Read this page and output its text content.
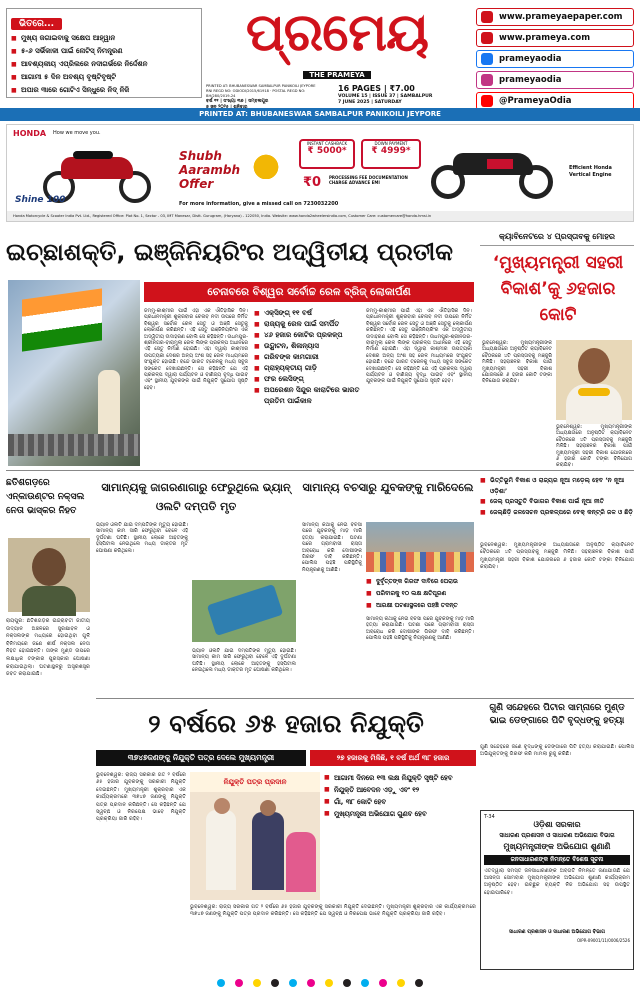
ଭିତରେ...
■ ମୁଖ୍ୟ ଜଗାଇବାକୁ ସକ୍ଷେପ ଆହ୍ୱାନ
■ ୫-୬ ସର୍ଭିକାଳୀ ପାଇଁ ନୋଟିସ୍ ନିମନ୍ତ୍ରଣ
■ ଆବଶ୍ୟକୀୟ ଏପ୍ରିଲରେ ନଦୀଗର୍ଭରେ ନିର୍ଦ୍ଦେଶନ
■ ଆଗାମୀ ୫ ଦିନ ଅବଶ୍ୟ ବୃଷ୍ଟିବୃଷ୍ଟି
■ ଅପାର ୩ାରେ ଗୋଟିଏ ସିନ୍ଧୁରେ ନିଦ୍ ନିଜି
ପ୍ରମେୟ
THE PRAMEYA
PRINTED AT: BHUBANESWAR SAMBALPUR PANIKOILI JEYPORE
RNI REGD NO: ODIODI/2015/61918 · POSTAL REGD NO: BH/280/2019-24
ବର୍ଷ ୧୧ | ସଂଖ୍ୟା ୩୭ | ସମ୍ବଲପୁର
16 PAGES | ₹7.00
VOLUME 15 | ISSUE 37 | SAMBALPUR
7 JUNE 2025 | SATURDAY
www.prameyaepaper.com
www.prameya.com
prameyaodia
prameyaodia
@PrameyaOdia
PRINTED AT: BHUBANESWAR SAMBALPUR PANIKOILI JEYPORE
HONDA How we move you.
Shine 100
Shubh Aarambh Offer
INSTANT CASHBACK
₹ 5000*
DOWN PAYMENT
₹ 4999*
₹0 PROCESSING FEE DOCUMENTATION CHARGE ADVANCE EMI
Efficient Honda Vertical Engine
For more information, give a missed call on 7230032200
Honda Motorcycle & Scooter India Pvt. Ltd., Registered Office: Plot No. 1, Sector - 03, IMT Manesar, Distt. Gurugram, (Haryana) - 122050, India. Website: www.honda2wheelersindia.com, Customer Care: customercare@honda.hmsi.in
ଇଚ୍ଛାଶକ୍ତି, ଇଞ୍ଜିନିୟରିଂର ଅଦ୍ୱିତୀୟ ପ୍ରତୀକ
ଚେନାବରେ ବିଶ୍ୱର ସର୍ବୋଚ୍ଚ ରେଳ ବ୍ରିଜ୍ ଲୋକାର୍ପଣ
ଜମ୍ମୁ-କାଶ୍ମୀର ପାଇଁ ଏହା ଏକ ଐତିହାସିକ ଦିନ। ପ୍ରଧାନମନ୍ତ୍ରୀ ଶୁକ୍ରବାର ଚେନାବ ନଦୀ ଉପରେ ନିର୍ମିତ ବିଶ୍ୱର ସର୍ବୋଚ୍ଚ ରେଳ ସେତୁ ଓ ଅଞ୍ଜି ସେତୁକୁ ଲୋକାର୍ପଣ କରିଛନ୍ତି। ଏହି ସେତୁ ଇଞ୍ଜିନିୟରିଂର ଏକ ଅଦ୍ୱିତୀୟ ଉଦାହରଣ ବୋଲି ସେ କହିଛନ୍ତି। ଉଧମପୁର-ଶ୍ରୀନଗର-ବାରାମୁଲା ରେଳ ଲିଙ୍କ ପ୍ରକଳ୍ପ ଅଧୀନରେ ଏହି ସେତୁ ନିର୍ମାଣ ହୋଇଛି। ଏହା ଦ୍ୱାରା କାଶ୍ମୀର ଉପତ୍ୟକା ଦେଶର ଅନ୍ୟ ଅଂଶ ସହ ରେଳ ମାଧ୍ୟମରେ ସଂଯୁକ୍ତ ହୋଇଛି। ବନ୍ଦେ ଭାରତ ଟ୍ରେନକୁ ମଧ୍ୟ ସବୁଜ ସଙ୍କେତ ଦେଖାଇଛନ୍ତି। ସେ କହିଛନ୍ତି ଯେ ଏହି ପ୍ରକଳ୍ପ ଦ୍ୱାରା ପର୍ଯ୍ୟଟନ ଓ ବାଣିଜ୍ୟ ବୃଦ୍ଧି ପାଇବ ଏବଂ ସ୍ଥାନୀୟ ଯୁବକଙ୍କ ପାଇଁ ନିଯୁକ୍ତି ସୁଯୋଗ ସୃଷ୍ଟି ହେବ।
■ ଏକ୍ସିଙ୍ଗ୍ ୧୧ ବର୍ଷ
■ ରାଜ୍ୟକୁ ରେଳ ପାଇଁ ସମର୍ପିତ
■ ୪୬ ହଜାର କୋଟିର ପ୍ରକଳ୍ପ
■ ଉଦ୍ଘାଟନ, ଶିଳାନ୍ୟାସ
■ ଗରିବଙ୍କ କାମଗାରୀ
■ ଗ୍ରାହ୍ୟକ୍ତୀୟ ଗାଡ଼ି
■ ଫର ଲେସିଙ୍ଗ୍
■ ଅପରେଶନ ସିନ୍ଦୁର କାରାଟିରେ ଭାରତ ପ୍ରତିମ ପାଇଁକାଳ
ଜମ୍ମୁ-କାଶ୍ମୀର ପାଇଁ ଏହା ଏକ ଐତିହାସିକ ଦିନ। ପ୍ରଧାନମନ୍ତ୍ରୀ ଶୁକ୍ରବାର ଚେନାବ ନଦୀ ଉପରେ ନିର୍ମିତ ବିଶ୍ୱର ସର୍ବୋଚ୍ଚ ରେଳ ସେତୁ ଓ ଅଞ୍ଜି ସେତୁକୁ ଲୋକାର୍ପଣ କରିଛନ୍ତି। ଏହି ସେତୁ ଇଞ୍ଜିନିୟରିଂର ଏକ ଅଦ୍ୱିତୀୟ ଉଦାହରଣ ବୋଲି ସେ କହିଛନ୍ତି। ଉଧମପୁର-ଶ୍ରୀନଗର-ବାରାମୁଲା ରେଳ ଲିଙ୍କ ପ୍ରକଳ୍ପ ଅଧୀନରେ ଏହି ସେତୁ ନିର୍ମାଣ ହୋଇଛି। ଏହା ଦ୍ୱାରା କାଶ୍ମୀର ଉପତ୍ୟକା ଦେଶର ଅନ୍ୟ ଅଂଶ ସହ ରେଳ ମାଧ୍ୟମରେ ସଂଯୁକ୍ତ ହୋଇଛି। ବନ୍ଦେ ଭାରତ ଟ୍ରେନକୁ ମଧ୍ୟ ସବୁଜ ସଙ୍କେତ ଦେଖାଇଛନ୍ତି। ସେ କହିଛନ୍ତି ଯେ ଏହି ପ୍ରକଳ୍ପ ଦ୍ୱାରା ପର୍ଯ୍ୟଟନ ଓ ବାଣିଜ୍ୟ ବୃଦ୍ଧି ପାଇବ ଏବଂ ସ୍ଥାନୀୟ ଯୁବକଙ୍କ ପାଇଁ ନିଯୁକ୍ତି ସୁଯୋଗ ସୃଷ୍ଟି ହେବ।
କ୍ୟାବିନେଟରେ ୪ ପ୍ରସ୍ତାବକୁ ମୋହର
‘ମୁଖ୍ୟମନ୍ତ୍ରୀ ସହରୀ ବିକାଶ’କୁ ୬ହଜାର କୋଟି
ଭୁବନେଶ୍ୱର: ମୁଖ୍ୟମନ୍ତ୍ରୀଙ୍କ ଅଧ୍ୟକ୍ଷତାରେ ଅନୁଷ୍ଠିତ କ୍ୟାବିନେଟ ବୈଠକରେ ୪ଟି ପ୍ରସ୍ତାବକୁ ମଞ୍ଜୁରି ମିଳିଛି। ସହରାଞ୍ଚଳର ବିକାଶ ପାଇଁ ମୁଖ୍ୟମନ୍ତ୍ରୀ ସହରୀ ବିକାଶ ଯୋଜନାରେ ୬ ହଜାର କୋଟି ଟଙ୍କା ବିନିଯୋଗ କରାଯିବ।
ଭୁବନେଶ୍ୱର: ମୁଖ୍ୟମନ୍ତ୍ରୀଙ୍କ ଅଧ୍ୟକ୍ଷତାରେ ଅନୁଷ୍ଠିତ କ୍ୟାବିନେଟ ବୈଠକରେ ୪ଟି ପ୍ରସ୍ତାବକୁ ମଞ୍ଜୁରି ମିଳିଛି। ସହରାଞ୍ଚଳର ବିକାଶ ପାଇଁ ମୁଖ୍ୟମନ୍ତ୍ରୀ ସହରୀ ବିକାଶ ଯୋଜନାରେ ୬ ହଜାର କୋଟି ଟଙ୍କା ବିନିଯୋଗ କରାଯିବ।
ଛତିଶଗଡ଼ରେ ଏନ୍‌କାଉଣ୍ଟର ନକ୍ସଲ ନେତା ଭାସ୍କର ନିହତ
ରାୟପୁର: ଛତିଶଗଡ଼ର ଇନ୍ଦ୍ରାବତୀ ଜାତୀୟ ଉଦ୍ୟାନ ଅଞ୍ଚଳରେ ସୁରକ୍ଷାବଳ ଓ ନକ୍ସଲଙ୍କ ମଧ୍ୟରେ ହୋଇଥିବା ଗୁଳି ବିନିମୟରେ ଜଣେ ଶୀର୍ଷ ନକ୍ସଲ ନେତା ନିହତ ହୋଇଛନ୍ତି। ତାଙ୍କ ମୁଣ୍ଡ ଉପରେ ଲକ୍ଷାଧିକ ଟଙ୍କାର ପୁରସ୍କାର ଘୋଷଣା କରାଯାଇଥିଲା। ଘଟଣାସ୍ଥଳରୁ ଅସ୍ତ୍ରଶସ୍ତ୍ର ଜବତ କରାଯାଇଛି।
ସାମାନ୍ୟକୁ ଜାଗରଣାଗାରୁ ଫେରୁଥିଲେ ଭ୍ୟାନ୍ ଓଲଟି ଦମ୍ପତି ମୃତ
ଭ୍ୟାନ ଓଲଟି ଯାଇ ଦମ୍ପତିଙ୍କ ମୃତ୍ୟୁ ହୋଇଛି। ସାମାନ୍ୟ କାମ ସାରି ଫେରୁଥିବା ବେଳେ ଏହି ଦୁର୍ଘଟଣା ଘଟିଛି। ସ୍ଥାନୀୟ ଲୋକେ ଆହତଙ୍କୁ ହସ୍ପିଟାଲ ନେଇଥିଲେ ମଧ୍ୟ ଡାକ୍ତର ମୃତ ଘୋଷଣା କରିଥିଲେ।
ଭ୍ୟାନ ଓଲଟି ଯାଇ ଦମ୍ପତିଙ୍କ ମୃତ୍ୟୁ ହୋଇଛି। ସାମାନ୍ୟ କାମ ସାରି ଫେରୁଥିବା ବେଳେ ଏହି ଦୁର୍ଘଟଣା ଘଟିଛି। ସ୍ଥାନୀୟ ଲୋକେ ଆହତଙ୍କୁ ହସ୍ପିଟାଲ ନେଇଥିଲେ ମଧ୍ୟ ଡାକ୍ତର ମୃତ ଘୋଷଣା କରିଥିଲେ।
ସାମାନ୍ୟ ବଚସାରୁ ଯୁବକଙ୍କୁ ମାରିଦେଲେ
ସାମାନ୍ୟ କଥାକୁ ନେଇ ବଚସା ପରେ ଯୁବକଙ୍କୁ ମାଡ଼ ମାରି ହତ୍ୟା କରାଯାଇଛି। ଘଟଣା ପରେ ଗ୍ରାମବାସୀ ରାସ୍ତା ଅବରୋଧ କରି ଦୋଷୀଙ୍କ ଗିରଫ ଦାବି କରିଛନ୍ତି। ପୋଲିସ ପହଞ୍ଚି ପରିସ୍ଥିତିକୁ ନିୟନ୍ତ୍ରଣକୁ ଆଣିଛି।
■ ଦୁର୍ବୃତ୍ତଙ୍କ ଗିରଫ ଦାବିରେ ଘେରାଉ
■ ପରିବାରକୁ ୧୦ ଲକ୍ଷ କ୍ଷତିପୂରଣ
■ ଆରକ୍ଷୀ ଘଟଣାସ୍ଥଳରେ ପହଞ୍ଚି ତଦନ୍ତ
ସାମାନ୍ୟ କଥାକୁ ନେଇ ବଚସା ପରେ ଯୁବକଙ୍କୁ ମାଡ଼ ମାରି ହତ୍ୟା କରାଯାଇଛି। ଘଟଣା ପରେ ଗ୍ରାମବାସୀ ରାସ୍ତା ଅବରୋଧ କରି ଦୋଷୀଙ୍କ ଗିରଫ ଦାବି କରିଛନ୍ତି। ପୋଲିସ ପହଞ୍ଚି ପରିସ୍ଥିତିକୁ ନିୟନ୍ତ୍ରଣକୁ ଆଣିଛି।
■ ଭିତ୍ତିଭୂମି ବିକାଶ ଓ ରାଜ୍ୟର ନୂଆ ମଡ଼େଲ୍ ହେବ ‘ନ ନୂଆ ଓଡ଼ିଶା’
■ ଜେଲ୍ ପ୍ରସ୍ତୁତି ବିଭାଗର ବିକାଶ ପାଇଁ ନୂଆ ନୀତି
■ ଜେଲ୍‌ଛିଡ଼ି ଜଳସେଚନ ପ୍ରକଳ୍ପରେ ବେକ୍ କନ୍‌ଟ୍ରି ଜଳ ଓ ଛିଡ଼ି
ଭୁବନେଶ୍ୱର: ମୁଖ୍ୟମନ୍ତ୍ରୀଙ୍କ ଅଧ୍ୟକ୍ଷତାରେ ଅନୁଷ୍ଠିତ କ୍ୟାବିନେଟ ବୈଠକରେ ୪ଟି ପ୍ରସ୍ତାବକୁ ମଞ୍ଜୁରି ମିଳିଛି। ସହରାଞ୍ଚଳର ବିକାଶ ପାଇଁ ମୁଖ୍ୟମନ୍ତ୍ରୀ ସହରୀ ବିକାଶ ଯୋଜନାରେ ୬ ହଜାର କୋଟି ଟଙ୍କା ବିନିଯୋଗ କରାଯିବ।
୨ ବର୍ଷରେ ୬୫ ହଜାର ନିଯୁକ୍ତି
୩୭୪୭ଜଣଙ୍କୁ ନିଯୁକ୍ତି ପତ୍ର ଦେଲେ ମୁଖ୍ୟମନ୍ତ୍ରୀ	୨୭ ହଜାରକୁ ମିଳିଛି, ୧ ବର୍ଷ ଅର୍ଥ ୩୮ ହଜାର
ଭୁବନେଶ୍ୱର: ରାଜ୍ୟ ସରକାର ଗତ ୨ ବର୍ଷରେ ୬୫ ହଜାର ଯୁବକଙ୍କୁ ସରକାରୀ ନିଯୁକ୍ତି ଦେଇଛନ୍ତି। ମୁଖ୍ୟମନ୍ତ୍ରୀ ଶୁକ୍ରବାର ଏକ କାର୍ଯ୍ୟକ୍ରମରେ ୩୭୪୭ ଜଣଙ୍କୁ ନିଯୁକ୍ତି ପତ୍ର ପ୍ରଦାନ କରିଛନ୍ତି। ସେ କହିଛନ୍ତି ଯେ ସ୍ୱଚ୍ଛ ଓ ନିରପେକ୍ଷ ଭାବେ ନିଯୁକ୍ତି ପ୍ରକ୍ରିୟା ଜାରି ରହିବ।
ନିଯୁକ୍ତି ପତ୍ର ପ୍ରଦାନ
■	ଆଗାମୀ ଦିନରେ ୧୩ ଲକ୍ଷ ନିଯୁକ୍ତି ସୃଷ୍ଟି ହେବ
■ ନିଯୁକ୍ତି ଆବେଦନ ଏଡ଼ୁ ଏବଂ ୧୨
■ ଗାଁ, ୩୮ କୋଟି ହେବ
■ ମୁଖ୍ୟମନ୍ତ୍ରୀ ଅଭିଯୋଗ ଗୁଣବ ହେବ
ଭୁବନେଶ୍ୱର: ରାଜ୍ୟ ସରକାର ଗତ ୨ ବର୍ଷରେ ୬୫ ହଜାର ଯୁବକଙ୍କୁ ସରକାରୀ ନିଯୁକ୍ତି ଦେଇଛନ୍ତି। ମୁଖ୍ୟମନ୍ତ୍ରୀ ଶୁକ୍ରବାର ଏକ କାର୍ଯ୍ୟକ୍ରମରେ ୩୭୪୭ ଜଣଙ୍କୁ ନିଯୁକ୍ତି ପତ୍ର ପ୍ରଦାନ କରିଛନ୍ତି। ସେ କହିଛନ୍ତି ଯେ ସ୍ୱଚ୍ଛ ଓ ନିରପେକ୍ଷ ଭାବେ ନିଯୁକ୍ତି ପ୍ରକ୍ରିୟା ଜାରି ରହିବ।
ଗୁଣି ସନ୍ଦେହରେ ପିଟାର ସାମ୍ନାରେ ମୁଣ୍ଡ ଭାଇ ଡେଙ୍ଗାରେ ପିଟି ବୃଦ୍ଧଙ୍କୁ ହତ୍ୟା
ଗୁଣି ସନ୍ଦେହରେ ଜଣେ ବୃଦ୍ଧଙ୍କୁ ଡେଙ୍ଗାରେ ପିଟି ହତ୍ୟା କରାଯାଇଛି। ପୋଲିସ ଅଭିଯୁକ୍ତଙ୍କୁ ଗିରଫ କରି ମାମଲା ରୁଜୁ କରିଛି।
T-34
ଓଡ଼ିଶା ସରକାର
ସାଧାରଣ ପ୍ରଶାସନ ଓ ସାଧାରଣ ଅଭିଯୋଗ ବିଭାଗ
ମୁଖ୍ୟମନ୍ତ୍ରୀଙ୍କ ଅଭିଯୋଗ ଶୁଣାଣି
ଜନସାଧାରଣଙ୍କ ନିମନ୍ତେ ବିଶେଷ ସୂଚନା
ଏତଦ୍ୱାରା ସମସ୍ତ ଜନସାଧାରଣଙ୍କ ଅବଗତି ନିମନ୍ତେ ଜଣାଯାଉଛି ଯେ ଆସନ୍ତା ସୋମବାର ମୁଖ୍ୟମନ୍ତ୍ରୀଙ୍କ ଅଭିଯୋଗ ଶୁଣାଣି କାର୍ଯ୍ୟକ୍ରମ ଅନୁଷ୍ଠିତ ହେବ। ଇଚ୍ଛୁକ ବ୍ୟକ୍ତି ନିଜ ଅଭିଯୋଗ ସହ ଉପସ୍ଥିତ ହୋଇପାରିବେ।
ସାଧାରଣ ପ୍ରଶାସନ ଓ ସାଧାରଣ ଅଭିଯୋଗ ବିଭାଗ
OIPR-09001/11/0006/2526
